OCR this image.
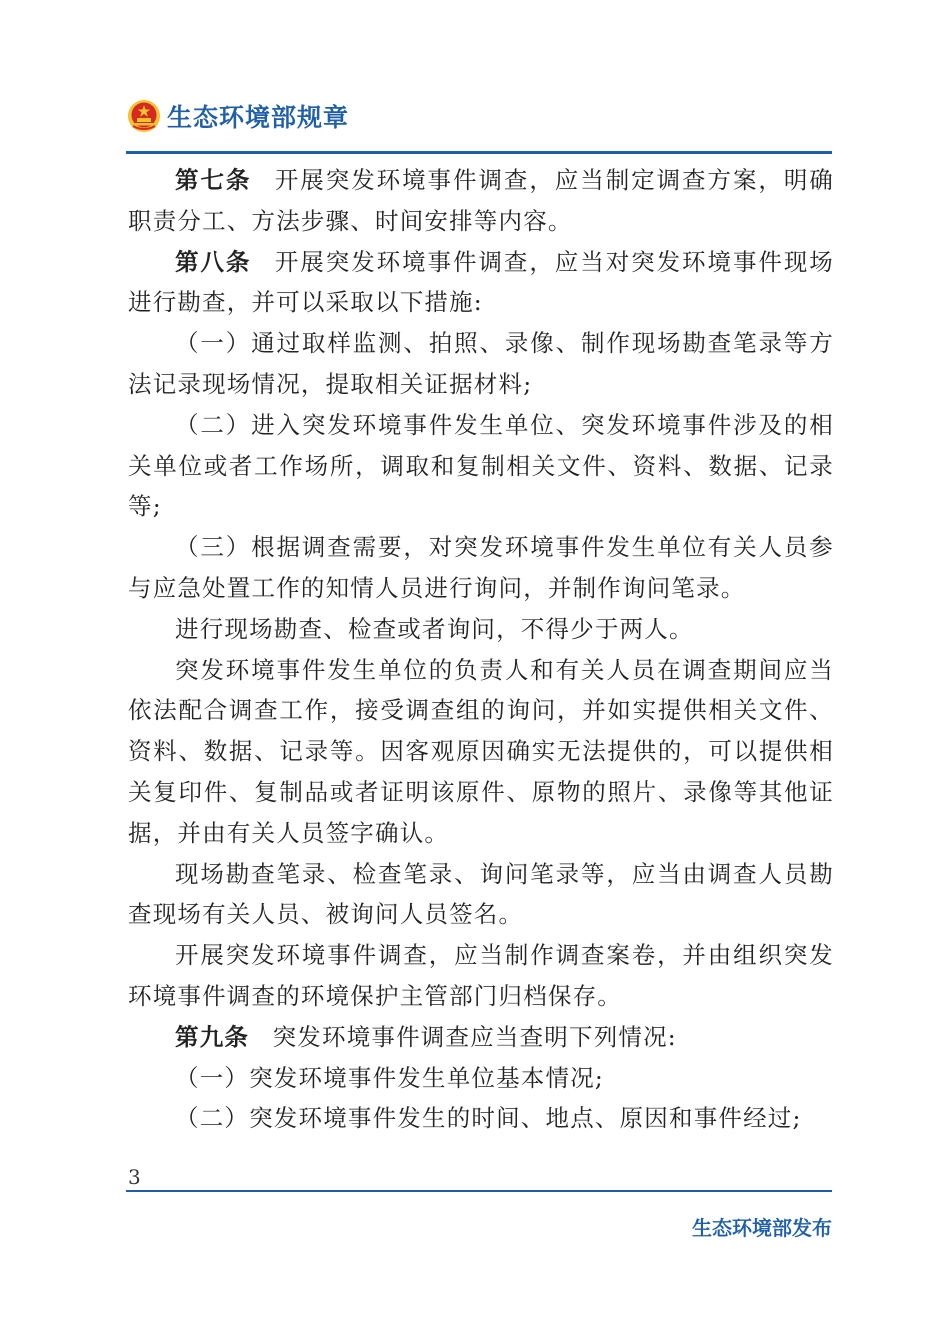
生态环境部规章

第七条 开展突发环境事件调查，应当制定调查方案，明确职责分工、方法步骤、时间安排等内容。

第八条 开展突发环境事件调查，应当对突发环境事件现场进行勘查，并可以采取以下措施:

（一）通过取样监测、拍照、录像、制作现场勘查笔录等方法记录现场情况，提取相关证据材料;

（二）进入突发环境事件发生单位、突发环境事件涉及的相关单位或者工作场所，调取和复制相关文件、资料、数据、记录等;

（三）根据调查需要，对突发环境事件发生单位有关人员参与应急处置工作的知情人员进行询问，并制作询问笔录。

进行现场勘查、检查或者询问，不得少于两人。

突发环境事件发生单位的负责人和有关人员在调查期间应当依法配合调查工作，接受调查组的询问，并如实提供相关文件、资料、数据、记录等。因客观原因确实无法提供的，可以提供相关复印件、复制品或者证明该原件、原物的照片、录像等其他证据，并由有关人员签字确认。

现场勘查笔录、检查笔录、询问笔录等，应当由调查人员勘查现场有关人员、被询问人员签名。

开展突发环境事件调查，应当制作调查案卷，并由组织突发环境事件调查的环境保护主管部门归档保存。

第九条 突发环境事件调查应当查明下列情况:

（一）突发环境事件发生单位基本情况;

（二）突发环境事件发生的时间、地点、原因和事件经过;

3
生态环境部发布
